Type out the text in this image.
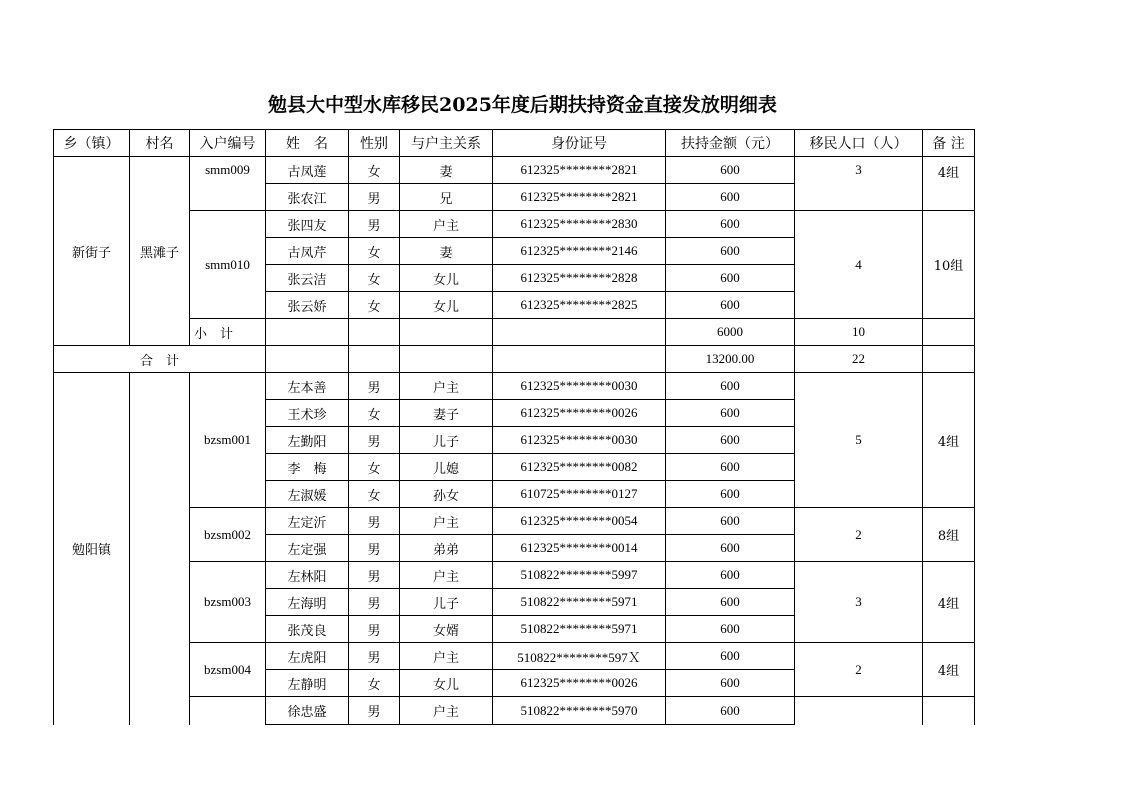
勉县大中型水库移民2025年度后期扶持资金直接发放明细表
乡（镇）	村名	入户编号	姓　名	性别	与户主关系	身份证号	扶持金额（元）	移民人口（人）	备 注
新街子	黑滩子	smm009	古凤莲	女	妻	612325********2821	600	3	4组
			张农江	男	兄	612325********2821	600		
		smm010	张四友	男	户主	612325********2830	600	4	10组
			古凤芹	女	妻	612325********2146	600		
			张云洁	女	女儿	612325********2828	600		
			张云娇	女	女儿	612325********2825	600		
		小　计					6000	10	
合　计							13200.00	22	
勉阳镇		bzsm001	左本善	男	户主	612325********0030	600	5	4组
			王术珍	女	妻子	612325********0026	600		
			左勤阳	男	儿子	612325********0030	600		
			李　梅	女	儿媳	612325********0082	600		
			左淑媛	女	孙女	610725********0127	600		
		bzsm002	左定沂	男	户主	612325********0054	600	2	8组
			左定强	男	弟弟	612325********0014	600		
		bzsm003	左林阳	男	户主	510822********5997	600	3	4组
			左海明	男	儿子	510822********5971	600		
			张茂良	男	女婿	510822********5971	600		
		bzsm004	左虎阳	男	户主	510822********597Ｘ	600	2	4组
			左静明	女	女儿	612325********0026	600		
			徐忠盛	男	户主	510822********5970	600		
